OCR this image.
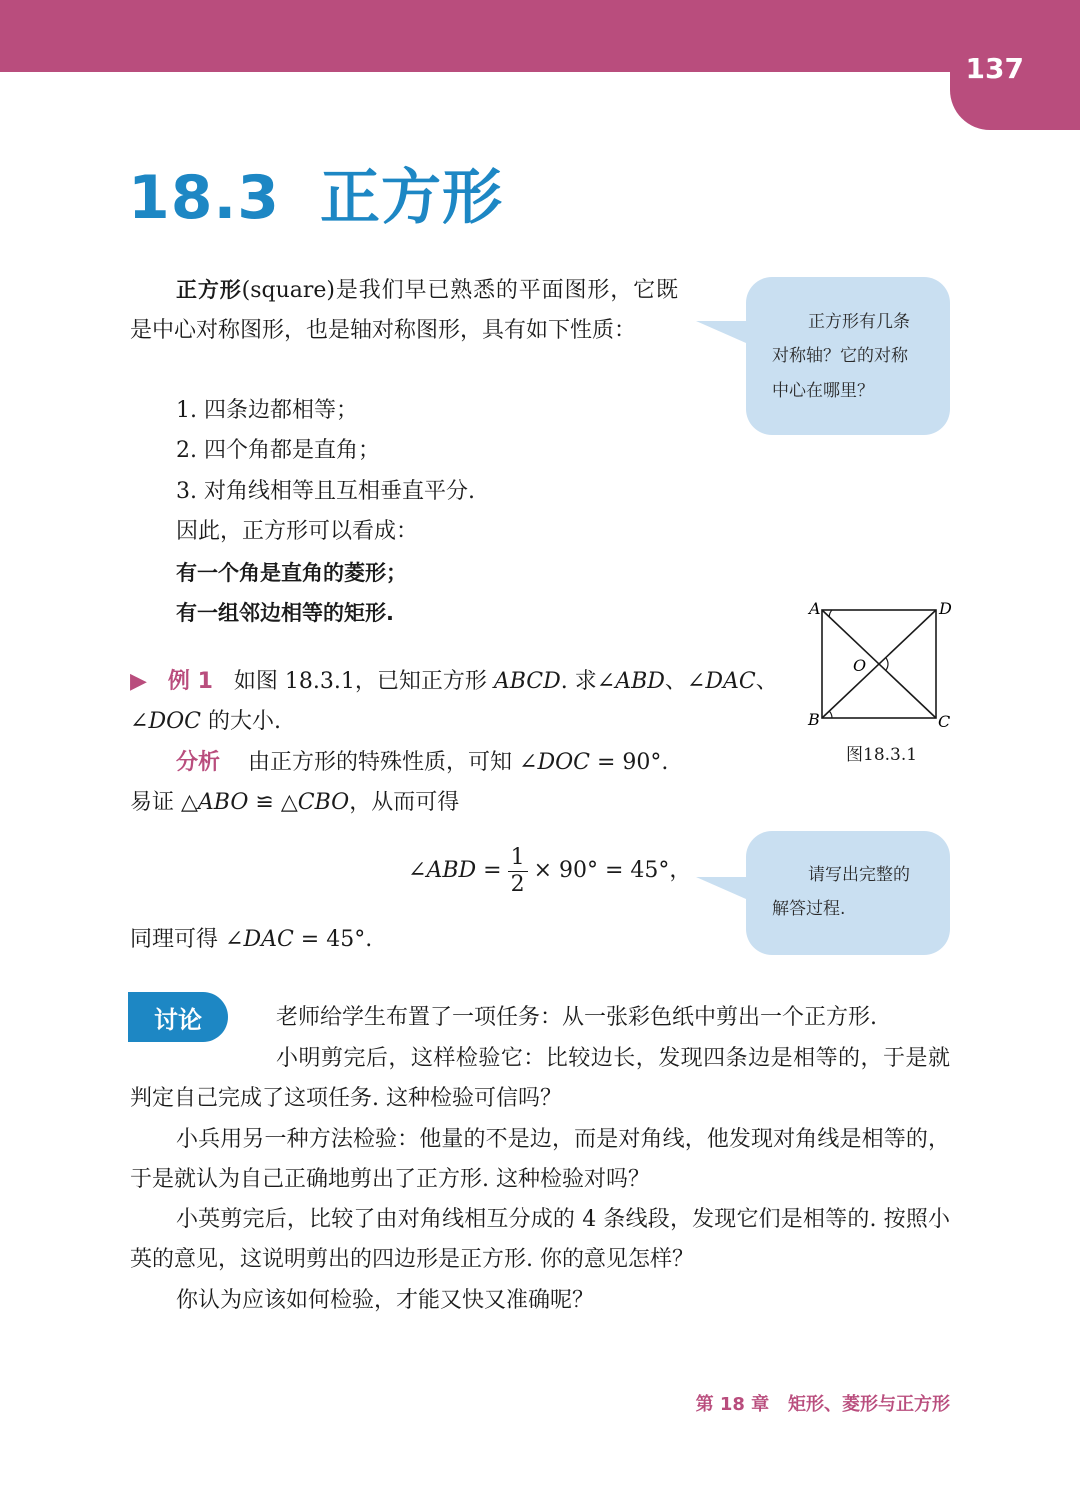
137
18.3 正方形

正方形(square)是我们早已熟悉的平面图形，它既是中心对称图形，也是轴对称图形，具有如下性质：

1. 四条边都相等；
2. 四个角都是直角；
3. 对角线相等且互相垂直平分.
因此，正方形可以看成：
有一个角是直角的菱形；
有一组邻边相等的矩形.
正方形有几条
对称轴？它的对称
中心在哪里？
A	D
B	C
O
图18.3.1
▶ 例 1 如图 18.3.1，已知正方形 ABCD. 求∠ABD、∠DAC、
∠DOC 的大小.
分析 由正方形的特殊性质，可知 ∠DOC = 90°.
易证 △ABO ≌ △CBO，从而可得
∠ABD = $\frac{1}{2} \times 90^\circ = 45^\circ$，	请写出完整的
解答过程.
同理可得 ∠DAC = 45°.
讨论	老师给学生布置了一项任务：从一张彩色纸中剪出一个正方形.

小明剪完后，这样检验它：比较边长，发现四条边是相等的，于是就判定自己完成了这项任务. 这种检验可信吗？

小兵用另一种方法检验：他量的不是边，而是对角线，他发现对角线是相等的，于是就认为自己正确地剪出了正方形. 这种检验对吗？

小英剪完后，比较了由对角线相互分成的 4 条线段，发现它们是相等的. 按照小英的意见，这说明剪出的四边形是正方形. 你的意见怎样？

你认为应该如何检验，才能又快又准确呢？
第 18 章 矩形、菱形与正方形
